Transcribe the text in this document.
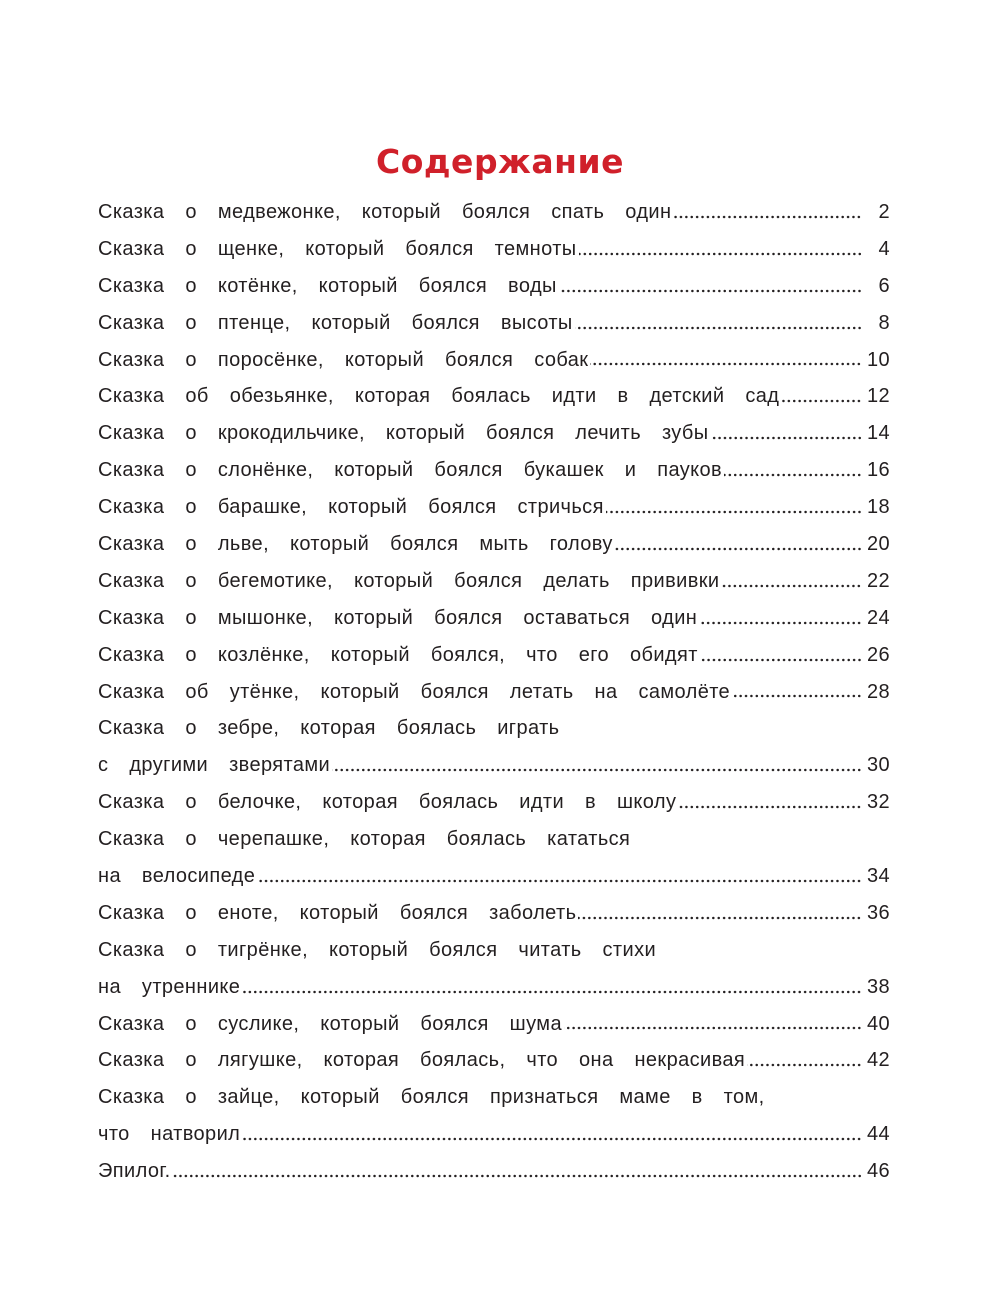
Содержание
Сказка о медвежонке, который боялся спать один	2
Сказка о щенке, который боялся темноты	4
Сказка о котёнке, который боялся воды	6
Сказка о птенце, который боялся высоты	8
Сказка о поросёнке, который боялся собак	10
Сказка об обезьянке, которая боялась идти в детский сад	12
Сказка о крокодильчике, который боялся лечить зубы	14
Сказка о слонёнке, который боялся букашек и пауков	16
Сказка о барашке, который боялся стричься	18
Сказка о льве, который боялся мыть голову	20
Сказка о бегемотике, который боялся делать прививки	22
Сказка о мышонке, который боялся оставаться один	24
Сказка о козлёнке, который боялся, что его обидят	26
Сказка об утёнке, который боялся летать на самолёте	28
Сказка о зебре, которая боялась играть
с другими зверятами	30
Сказка о белочке, которая боялась идти в школу	32
Сказка о черепашке, которая боялась кататься
на велосипеде	34
Сказка о еноте, который боялся заболеть	36
Сказка о тигрёнке, который боялся читать стихи
на утреннике	38
Сказка о суслике, который боялся шума	40
Сказка о лягушке, которая боялась, что она некрасивая	42
Сказка о зайце, который боялся признаться маме в том,
что натворил	44
Эпилог.	46
